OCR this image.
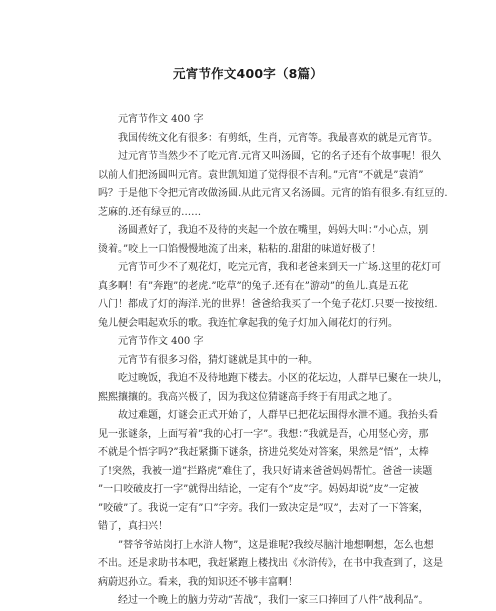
元宵节作文400字（8篇）
元宵节作文 400 字
我国传统文化有很多：有剪纸，生肖，元宵等。我最喜欢的就是元宵节。
过元宵节当然少不了吃元宵.元宵又叫汤圆，它的名子还有个故事呢！很久
以前人们把汤圆叫元宵。袁世凯知道了觉得很不吉利。”元宵”不就是”袁消”
吗？于是他下令把元宵改做汤圆.从此元宵又名汤圆。元宵的馅有很多.有红豆的.
芝麻的.还有绿豆的……
汤圆煮好了，我迫不及待的夹起一个放在嘴里，妈妈大叫：”小心点，别
烫着。”咬上一口馅慢慢地流了出来，粘粘的.甜甜的味道好极了！
元宵节可少不了观花灯，吃完元宵，我和老爸来到天一广场.这里的花灯可
真多啊！有”奔跑”的老虎.”吃草”的兔子.还有在”游动”的鱼儿.真是五花
八门！都成了灯的海洋.光的世界！爸爸给我买了一个兔子花灯.只要一按按纽.
兔儿便会唱起欢乐的歌。我连忙拿起我的兔子灯加入闹花灯的行列。
元宵节作文 400 字
元宵节有很多习俗，猜灯谜就是其中的一种。
吃过晚饭，我迫不及待地跑下楼去。小区的花坛边，人群早已聚在一块儿，
熙熙攘攘的。我高兴极了，因为我这位猜谜高手终于有用武之地了。
故过难题，灯谜会正式开始了，人群早已把花坛围得水泄不通。我抬头看
见一张谜条，上面写着”我的心打一字”。我想：”我就是吾，心用竖心旁，那
不就是个悟字吗?”我赶紧撕下谜条，挤进兑奖处对答案，果然是”悟”，太棒
了!突然，我被一道”拦路虎”难住了，我只好请来爸爸妈妈帮忙。爸爸一读题
”一口咬破皮打一字”就得出结论，一定有个”皮”字。妈妈却说”皮”一定被
”咬破”了。我说一定有”口”字旁。我们一致决定是”叹”，去对了一下答案，
错了，真扫兴！
”替爷爷站岗打上水浒人物”，这是谁呢?我绞尽脑汁地想啊想，怎么也想
不出。还是求助书本吧，我赶紧跑上楼找出《水浒传》，在书中我查到了，这是
病蔚迟孙立。看来，我的知识还不够丰富啊！
经过一个晚上的脑力劳动”苦战”，我们一家三口捧回了八件”战利品”。
